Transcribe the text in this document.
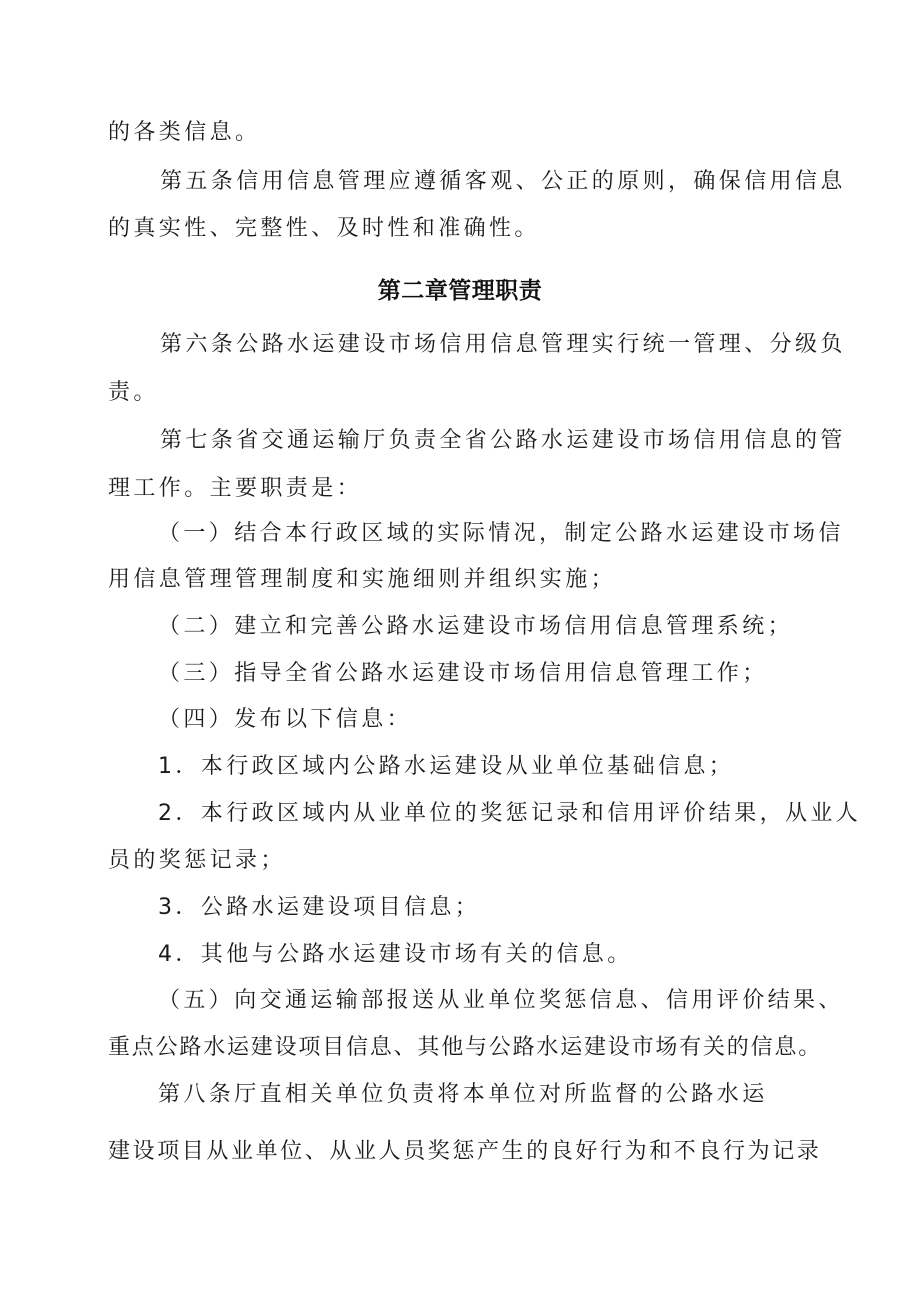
的各类信息。
第五条信用信息管理应遵循客观、公正的原则，确保信用信息
的真实性、完整性、及时性和准确性。
第二章管理职责
第六条公路水运建设市场信用信息管理实行统一管理、分级负
责。
第七条省交通运输厅负责全省公路水运建设市场信用信息的管
理工作。主要职责是：
（一）结合本行政区域的实际情况，制定公路水运建设市场信
用信息管理管理制度和实施细则并组织实施；
（二）建立和完善公路水运建设市场信用信息管理系统；
（三）指导全省公路水运建设市场信用信息管理工作；
（四）发布以下信息：
1．本行政区域内公路水运建设从业单位基础信息；
2．本行政区域内从业单位的奖惩记录和信用评价结果，从业人
员的奖惩记录；
3．公路水运建设项目信息；
4．其他与公路水运建设市场有关的信息。
（五）向交通运输部报送从业单位奖惩信息、信用评价结果、
重点公路水运建设项目信息、其他与公路水运建设市场有关的信息。
第八条厅直相关单位负责将本单位对所监督的公路水运
建设项目从业单位、从业人员奖惩产生的良好行为和不良行为记录
